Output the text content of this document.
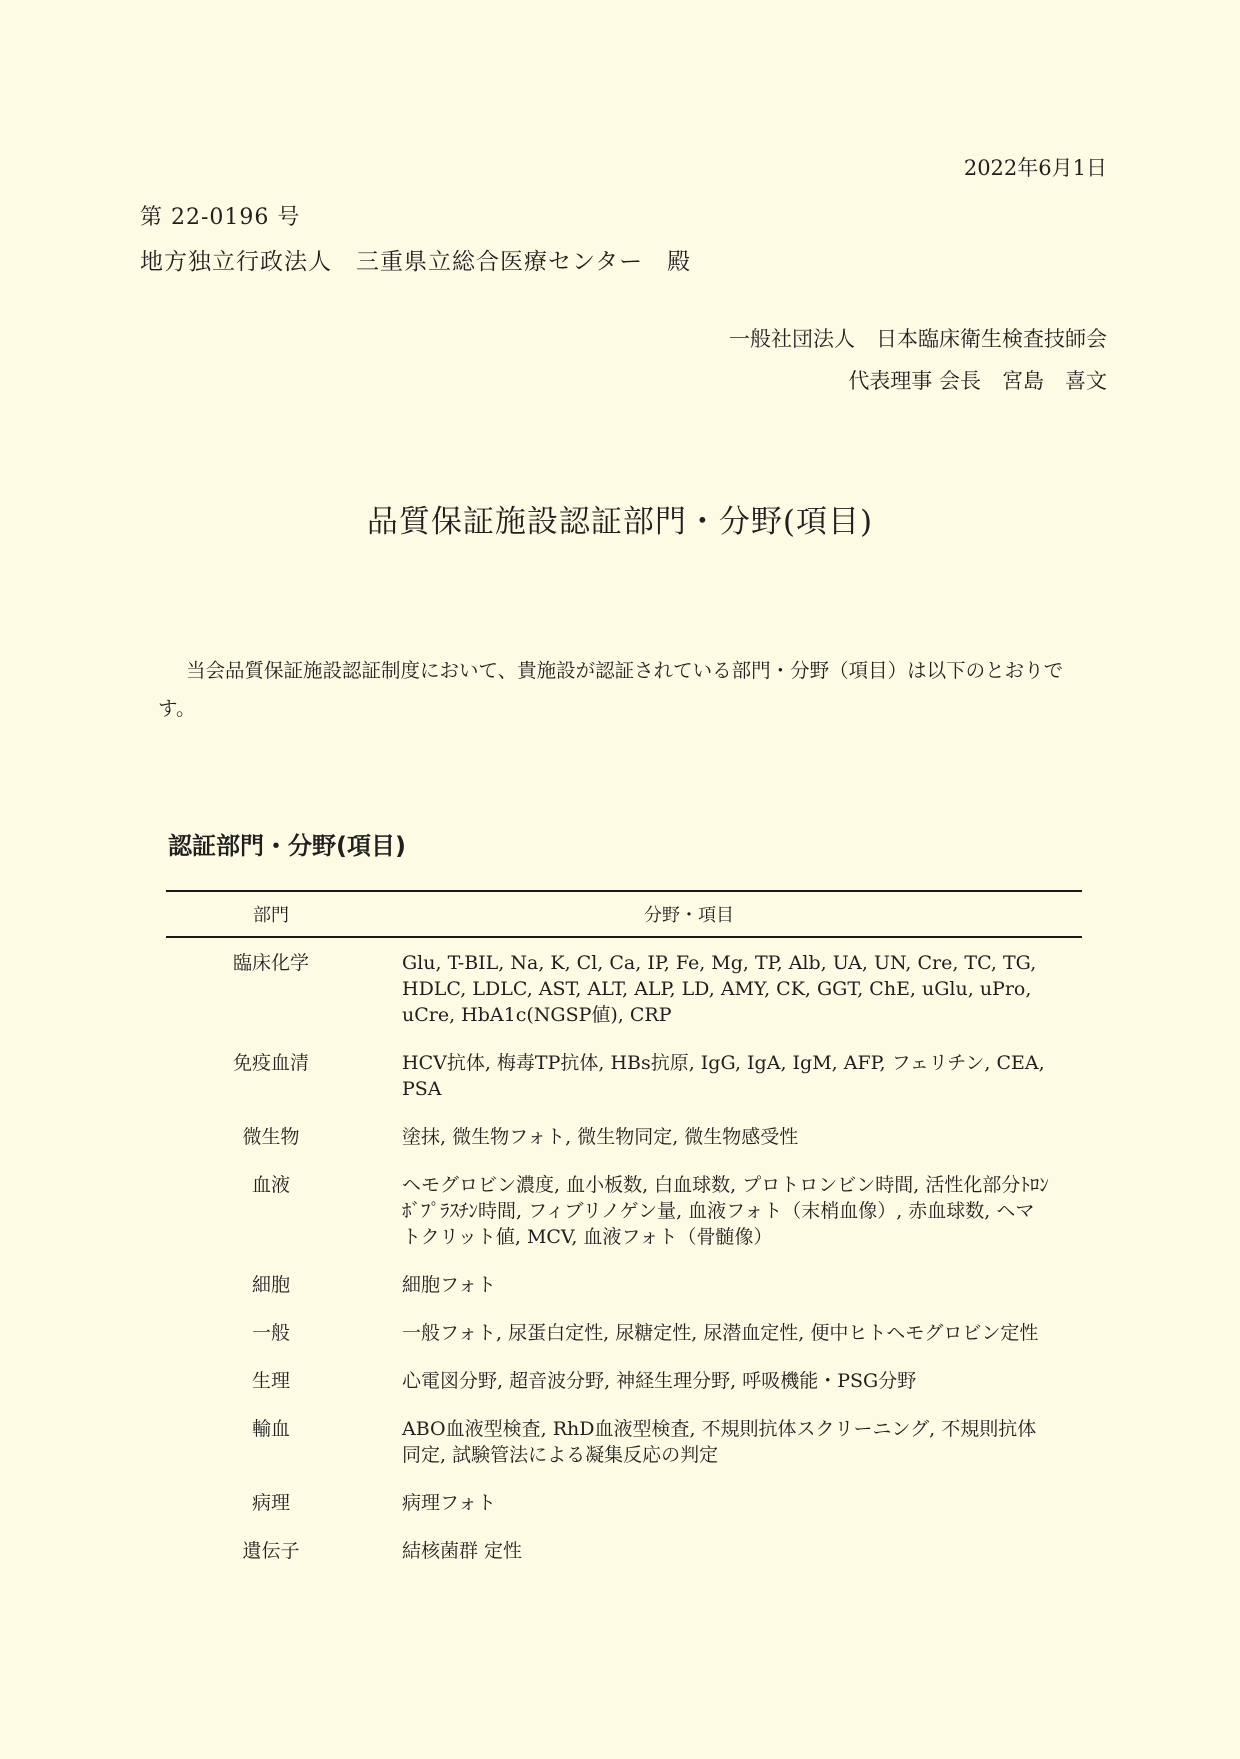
2022年6月1日
第 22-0196 号
地方独立行政法人　三重県立総合医療センター　殿
一般社団法人　日本臨床衛生検査技師会
代表理事 会長　宮島　喜文
品質保証施設認証部門・分野(項目)
当会品質保証施設認証制度において、貴施設が認証されている部門・分野（項目）は以下のとおりです。
認証部門・分野(項目)
部門	分野・項目
臨床化学	Glu, T-BIL, Na, K, Cl, Ca, IP, Fe, Mg, TP, Alb, UA, UN, Cre, TC, TG, HDLC, LDLC, AST, ALT, ALP, LD, AMY, CK, GGT, ChE, uGlu, uPro, uCre, HbA1c(NGSP値), CRP
免疫血清	HCV抗体, 梅毒TP抗体, HBs抗原, IgG, IgA, IgM, AFP, フェリチン, CEA, PSA
微生物	塗抹, 微生物フォト, 微生物同定, 微生物感受性
血液	ヘモグロビン濃度, 血小板数, 白血球数, プロトロンビン時間, 活性化部分ﾄﾛﾝﾎﾞﾌﾟﾗｽﾁﾝ時間, フィブリノゲン量, 血液フォト（末梢血像）, 赤血球数, ヘマトクリット値, MCV, 血液フォト（骨髄像）
細胞	細胞フォト
一般	一般フォト, 尿蛋白定性, 尿糖定性, 尿潜血定性, 便中ヒトヘモグロビン定性
生理	心電図分野, 超音波分野, 神経生理分野, 呼吸機能・PSG分野
輸血	ABO血液型検査, RhD血液型検査, 不規則抗体スクリーニング, 不規則抗体同定, 試験管法による凝集反応の判定
病理	病理フォト
遺伝子	結核菌群 定性
